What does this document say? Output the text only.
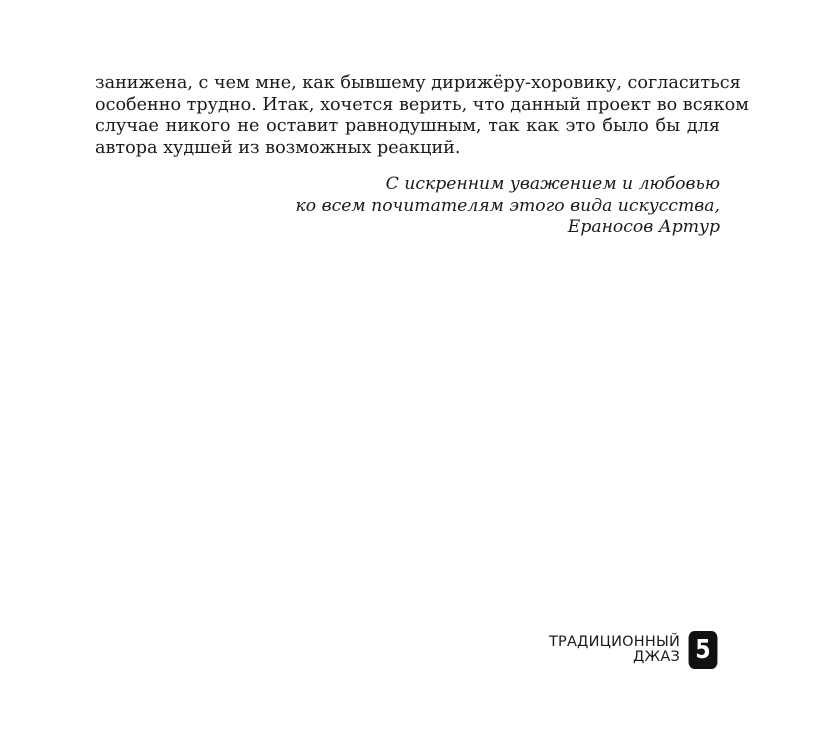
занижена, с чем мне, как бывшему дирижёру-хоровику, согласиться
особенно трудно. Итак, хочется верить, что данный проект во всяком
случае никого не оставит равнодушным, так как это было бы для
автора худшей из возможных реакций.
С искренним уважением и любовью
ко всем почитателям этого вида искусства,
Ераносов Артур
ТРАДИЦИОННЫЙ
ДЖАЗ 5
